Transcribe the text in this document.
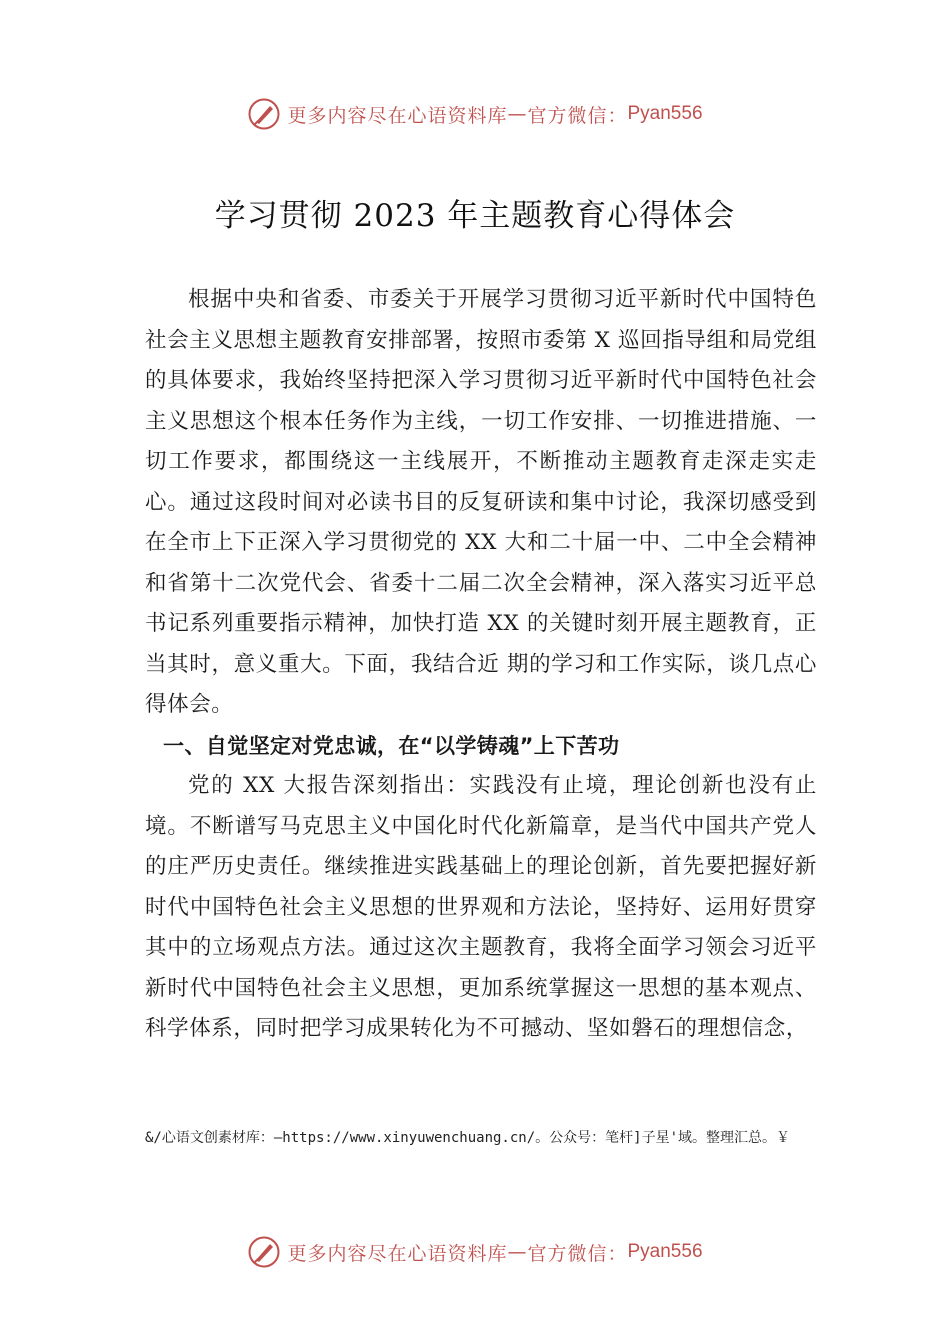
更多内容尽在心语资料库 — 官方微信： Pyan556
学习贯彻 2023 年主题教育心得体会

根据中央和省委、市委关于开展学习贯彻习近平新时代中国特色社会主义思想主题教育安排部署，按照市委第 X 巡回指导组和局党组的具体要求，我始终坚持把深入学习贯彻习近平新时代中国特色社会主义思想这个根本任务作为主线，一切工作安排、一切推进措施、一切工作要求，都围绕这一主线展开，不断推动主题教育走深走实走心。通过这段时间对必读书目的反复研读和集中讨论，我深切感受到在全市上下正深入学习贯彻党的 XX 大和二十届一中、二中全会精神和省第十二次党代会、省委十二届二次全会精神，深入落实习近平总书记系列重要指示精神，加快打造 XX 的关键时刻开展主题教育，正当其时，意义重大。下面，我结合近 期的学习和工作实际，谈几点心得体会。

一、自觉坚定对党忠诚，在“以学铸魂”上下苦功

党的 XX 大报告深刻指出：实践没有止境，理论创新也没有止境。不断谱写马克思主义中国化时代化新篇章，是当代中国共产党人的庄严历史责任。继续推进实践基础上的理论创新，首先要把握好新时代中国特色社会主义思想的世界观和方法论，坚持好、运用好贯穿其中的立场观点方法。通过这次主题教育，我将全面学习领会习近平新时代中国特色社会主义思想，更加系统掌握这一思想的基本观点、科学体系，同时把学习成果转化为不可撼动、坚如磐石的理想信念，

&/心语文创素材库：—https://www.xinyuwenchuang.cn/。公众号：笔杆]子星'域。整理汇总。￥
更多内容尽在心语资料库 — 官方微信： Pyan556
